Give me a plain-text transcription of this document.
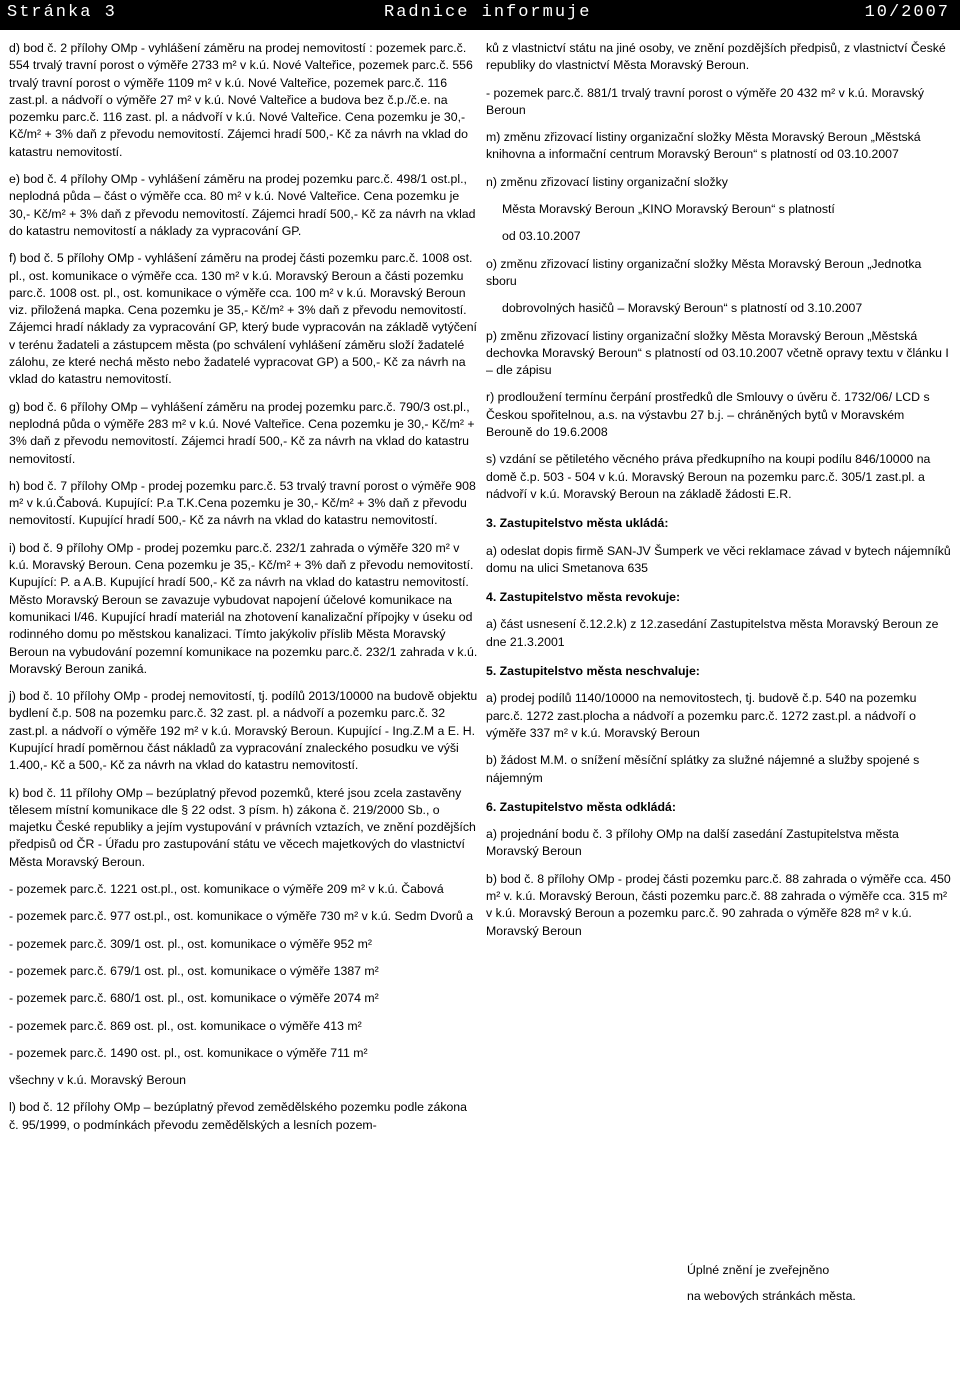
Stránka 3	Radnice informuje	10/2007

d) bod č. 2 přílohy OMp - vyhlášení záměru na prodej nemovitostí : pozemek parc.č. 554 trvalý travní porost o výměře 2733 m² v k.ú. Nové Valteřice, pozemek parc.č. 556 trvalý travní porost o výměře 1109 m² v k.ú. Nové Valteřice, pozemek parc.č. 116 zast.pl. a nádvoří o výměře 27 m² v k.ú. Nové Valteřice a budova bez č.p./č.e. na pozemku parc.č. 116 zast. pl. a nádvoří v k.ú. Nové Valteřice. Cena pozemku je 30,- Kč/m² + 3% daň z převodu nemovitostí. Zájemci hradí 500,- Kč za návrh na vklad do katastru nemovitostí.

e) bod č. 4 přílohy OMp - vyhlášení záměru na prodej pozemku parc.č. 498/1 ost.pl., neplodná půda – část o výměře cca. 80 m² v k.ú. Nové Valteřice. Cena pozemku je 30,- Kč/m² + 3% daň z převodu nemovitostí. Zájemci hradí 500,- Kč za návrh na vklad do katastru nemovitostí a náklady za vypracování GP.

f) bod č. 5 přílohy OMp - vyhlášení záměru na prodej části pozemku parc.č. 1008 ost. pl., ost. komunikace o výměře cca. 130 m² v k.ú. Moravský Beroun a části pozemku parc.č. 1008 ost. pl., ost. komunikace o výměře cca. 100 m² v k.ú. Moravský Beroun viz. přiložená mapka. Cena pozemku je 35,- Kč/m² + 3% daň z převodu nemovitostí. Zájemci hradí náklady za vypracování GP, který bude vypracován na základě vytýčení v terénu žadateli a zástupcem města (po schválení vyhlášení záměru složí žadatelé zálohu, ze které nechá město nebo žadatelé vypracovat GP) a 500,- Kč za návrh na vklad do katastru nemovitostí.

g) bod č. 6 přílohy OMp – vyhlášení záměru na prodej pozemku parc.č. 790/3 ost.pl., neplodná půda o výměře 283 m² v k.ú. Nové Valteřice. Cena pozemku je 30,- Kč/m² + 3% daň z převodu nemovitostí. Zájemci hradí 500,- Kč za návrh na vklad do katastru nemovitostí.

h) bod č. 7 přílohy OMp - prodej pozemku parc.č. 53 trvalý travní porost o výměře 908 m² v k.ú.Čabová. Kupující: P.a T.K.Cena pozemku je 30,- Kč/m² + 3% daň z převodu nemovitostí. Kupující hradí 500,- Kč za návrh na vklad do katastru nemovitostí.

i) bod č. 9 přílohy OMp - prodej pozemku parc.č. 232/1 zahrada o výměře 320 m² v k.ú. Moravský Beroun. Cena pozemku je 35,- Kč/m² + 3% daň z převodu nemovitostí. Kupující: P. a A.B. Kupující hradí 500,- Kč za návrh na vklad do katastru nemovitostí. Město Moravský Beroun se zavazuje vybudovat napojení účelové komunikace na komunikaci I/46. Kupující hradí materiál na zhotovení kanalizační přípojky v úseku od rodinného domu po městskou kanalizaci. Tímto jakýkoliv příslib Města Moravský Beroun na vybudování pozemní komunikace na pozemku parc.č. 232/1 zahrada v k.ú. Moravský Beroun zaniká.

j) bod č. 10 přílohy OMp - prodej nemovitostí, tj. podílů 2013/10000 na budově objektu bydlení č.p. 508 na pozemku parc.č. 32 zast. pl. a nádvoří a pozemku parc.č. 32 zast.pl. a nádvoří o výměře 192 m² v k.ú. Moravský Beroun. Kupující - Ing.Z.M a E. H. Kupující hradí poměrnou část nákladů za vypracování znaleckého posudku ve výši 1.400,- Kč a 500,- Kč za návrh na vklad do katastru nemovitostí.

k) bod č. 11 přílohy OMp – bezúplatný převod pozemků, které jsou zcela zastavěny tělesem místní komunikace dle § 22 odst. 3 písm. h) zákona č. 219/2000 Sb., o majetku České republiky a jejím vystupování v právních vztazích, ve znění pozdějších předpisů od ČR - Úřadu pro zastupování státu ve věcech majetkových do vlastnictví Města Moravský Beroun.

- pozemek parc.č. 1221 ost.pl., ost. komunikace o výměře 209 m² v k.ú. Čabová

- pozemek parc.č. 977 ost.pl., ost. komunikace o výměře 730 m² v k.ú. Sedm Dvorů a

- pozemek parc.č. 309/1 ost. pl., ost. komunikace o výměře 952 m²

- pozemek parc.č. 679/1 ost. pl., ost. komunikace o výměře 1387 m²

- pozemek parc.č. 680/1 ost. pl., ost. komunikace o výměře 2074 m²

- pozemek parc.č. 869 ost. pl., ost. komunikace o výměře 413 m²

- pozemek parc.č. 1490 ost. pl., ost. komunikace o výměře 711 m²

všechny v k.ú. Moravský Beroun

l) bod č. 12 přílohy OMp – bezúplatný převod zemědělského pozemku podle zákona č. 95/1999, o podmínkách převodu zemědělských a lesních pozem-

ků z vlastnictví státu na jiné osoby, ve znění pozdějších předpisů, z vlastnictví České republiky do vlastnictví Města Moravský Beroun.

- pozemek parc.č. 881/1 trvalý travní porost o výměře 20 432 m² v k.ú. Moravský Beroun

m) změnu zřizovací listiny organizační složky Města Moravský Beroun „Městská knihovna a informační centrum Moravský Beroun“ s platností od 03.10.2007

n) změnu zřizovací listiny organizační složky

Města Moravský Beroun „KINO Moravský Beroun“ s platností

od 03.10.2007

o) změnu zřizovací listiny organizační složky Města Moravský Beroun „Jednotka sboru

dobrovolných hasičů – Moravský Beroun“ s platností od 3.10.2007

p) změnu zřizovací listiny organizační složky Města Moravský Beroun „Městská dechovka Moravský Beroun“ s platností od 03.10.2007 včetně opravy textu v článku I – dle zápisu

r) prodloužení termínu čerpání prostředků dle Smlouvy o úvěru č. 1732/06/ LCD s Českou spořitelnou, a.s. na výstavbu 27 b.j. – chráněných bytů v Moravském Berouně do 19.6.2008

s) vzdání se pětiletého věcného práva předkupního na koupi podílu 846/10000 na domě č.p. 503 - 504 v k.ú. Moravský Beroun na pozemku parc.č. 305/1 zast.pl. a nádvoří v k.ú. Moravský Beroun na základě žádosti E.R.

3. Zastupitelstvo města ukládá:

a) odeslat dopis firmě SAN-JV Šumperk ve věci reklamace závad v bytech nájemníků domu na ulici Smetanova 635

4. Zastupitelstvo města revokuje:

a) část usnesení č.12.2.k) z 12.zasedání Zastupitelstva města Moravský Beroun ze dne 21.3.2001

5. Zastupitelstvo města neschvaluje:

a) prodej podílů 1140/10000 na nemovitostech, tj. budově č.p. 540 na pozemku parc.č. 1272 zast.plocha a nádvoří a pozemku parc.č. 1272 zast.pl. a nádvoří o výměře 337 m² v k.ú. Moravský Beroun

b) žádost M.M. o snížení měsíční splátky za služné nájemné a služby spojené s nájemným

6. Zastupitelstvo města odkládá:

a) projednání bodu č. 3 přílohy OMp na další zasedání Zastupitelstva města Moravský Beroun

b) bod č. 8 přílohy OMp - prodej části pozemku parc.č. 88 zahrada o výměře cca. 450 m² v. k.ú. Moravský Beroun, části pozemku parc.č. 88 zahrada o výměře cca. 315 m² v k.ú. Moravský Beroun a pozemku parc.č. 90 zahrada o výměře 828 m² v k.ú. Moravský Beroun

Úplné znění je zveřejněno

na webových stránkách města.
